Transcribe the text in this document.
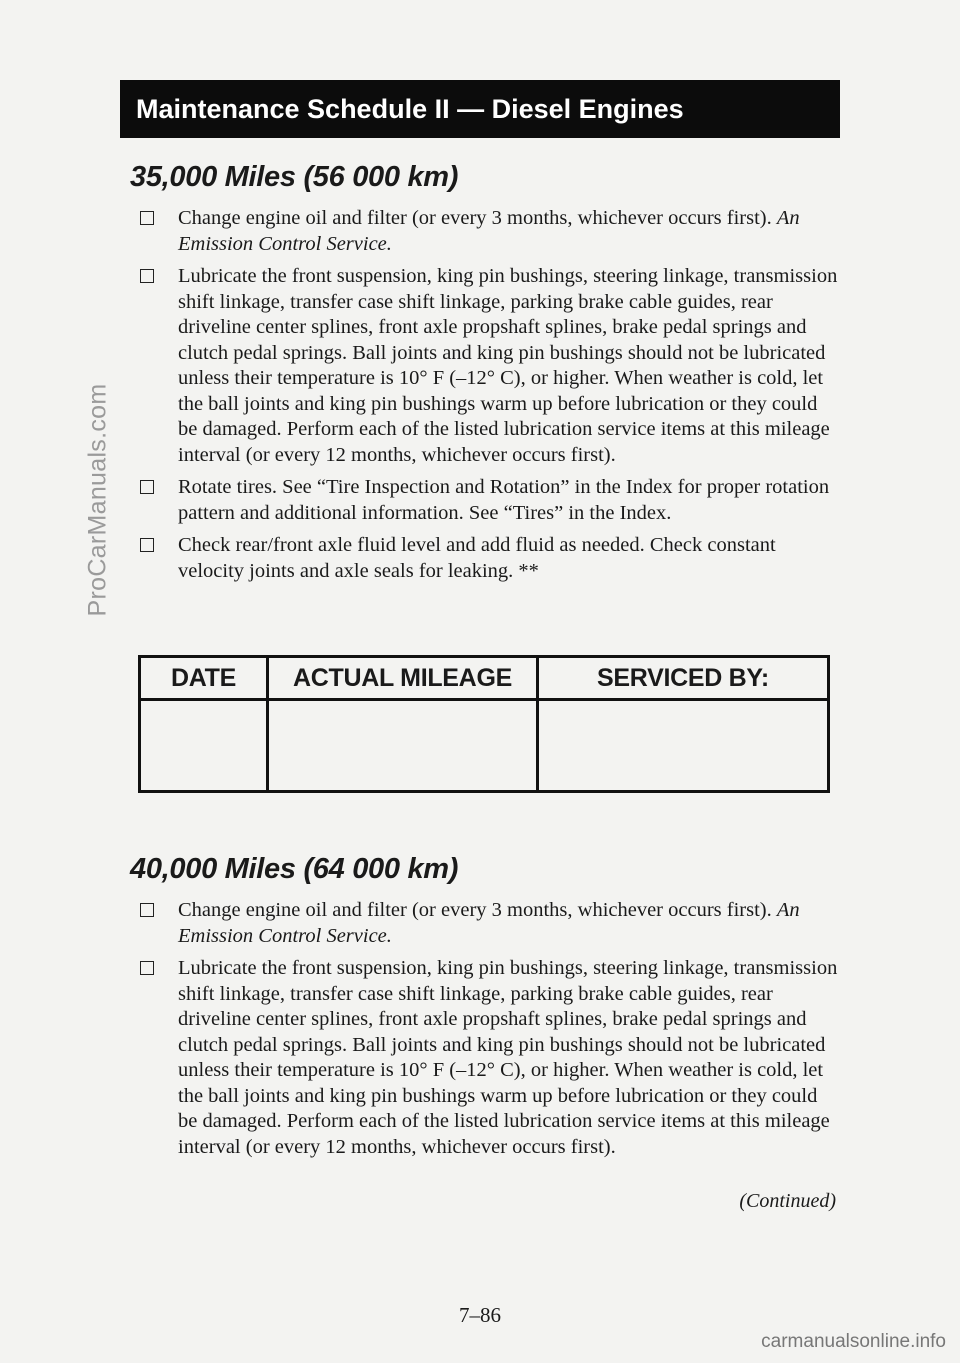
ProCarManuals.com
Maintenance Schedule II — Diesel Engines
35,000 Miles (56 000 km)
Change engine oil and filter (or every 3 months, whichever occurs first). An Emission Control Service.
Lubricate the front suspension, king pin bushings, steering linkage, transmission shift linkage, transfer case shift linkage, parking brake cable guides, rear driveline center splines, front axle propshaft splines, brake pedal springs and clutch pedal springs. Ball joints and king pin bushings should not be lubricated unless their temperature is 10° F (–12° C), or higher. When weather is cold, let the ball joints and king pin bushings warm up before lubrication or they could be damaged. Perform each of the listed lubrication service items at this mileage interval (or every 12 months, whichever occurs first).
Rotate tires. See “Tire Inspection and Rotation” in the Index for proper rotation pattern and additional information. See “Tires” in the Index.
Check rear/front axle fluid level and add fluid as needed. Check constant velocity joints and axle seals for leaking. **
DATE	ACTUAL MILEAGE	SERVICED BY:

40,000 Miles (64 000 km)
Change engine oil and filter (or every 3 months, whichever occurs first). An Emission Control Service.
Lubricate the front suspension, king pin bushings, steering linkage, transmission shift linkage, transfer case shift linkage, parking brake cable guides, rear driveline center splines, front axle propshaft splines, brake pedal springs and clutch pedal springs. Ball joints and king pin bushings should not be lubricated unless their temperature is 10° F (–12° C), or higher. When weather is cold, let the ball joints and king pin bushings warm up before lubrication or they could be damaged. Perform each of the listed lubrication service items at this mileage interval (or every 12 months, whichever occurs first).
(Continued)
7–86
carmanualsonline.info
